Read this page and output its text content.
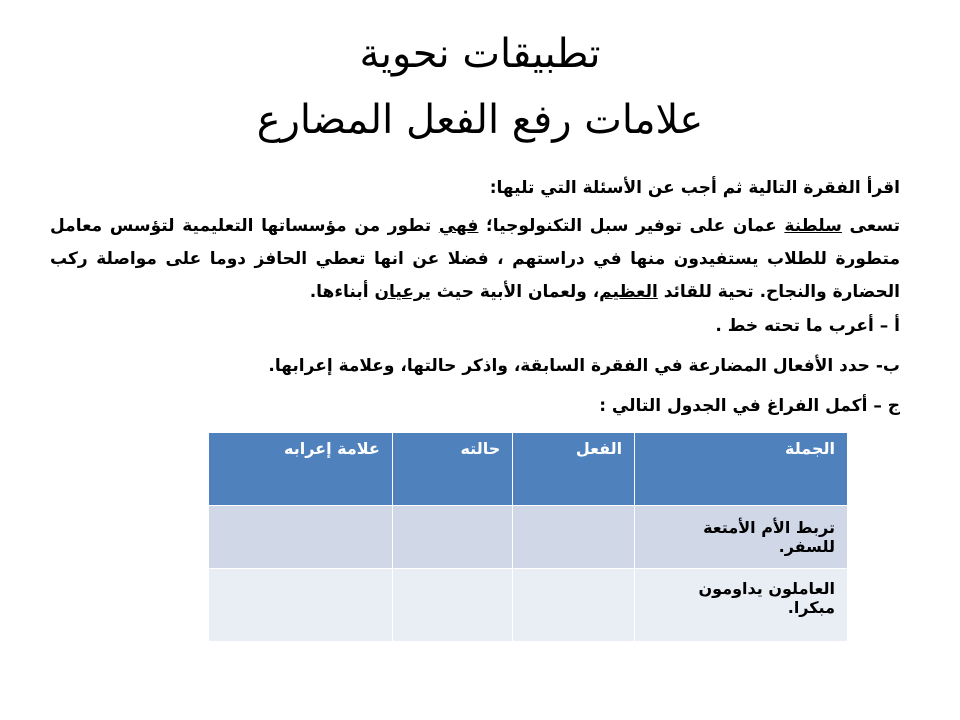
تطبيقات نحوية
علامات رفع الفعل المضارع
اقرأ الفقرة التالية ثم أجب عن الأسئلة التي تليها:
تسعى سلطنة عمان على توفير سبل التكنولوجيا؛ فهي تطور من مؤسساتها التعليمية لتؤسس معامل متطورة للطلاب يستفيدون منها في دراستهم ، فضلا عن انها تعطي الحافز دوما على مواصلة ركب الحضارة والنجاح. تحية للقائد العظيم، ولعمان الأبية حيث يرعيان أبناءها.
أ – أعرب ما تحته خط .
ب- حدد الأفعال المضارعة في الفقرة السابقة، واذكر حالتها، وعلامة إعرابها.
ج – أكمل الفراغ في الجدول التالي :
الجملة	الفعل	حالته	علامة إعرابه
تربط الأم الأمتعة للسفر.			
العاملون يداومون مبكرا.			
